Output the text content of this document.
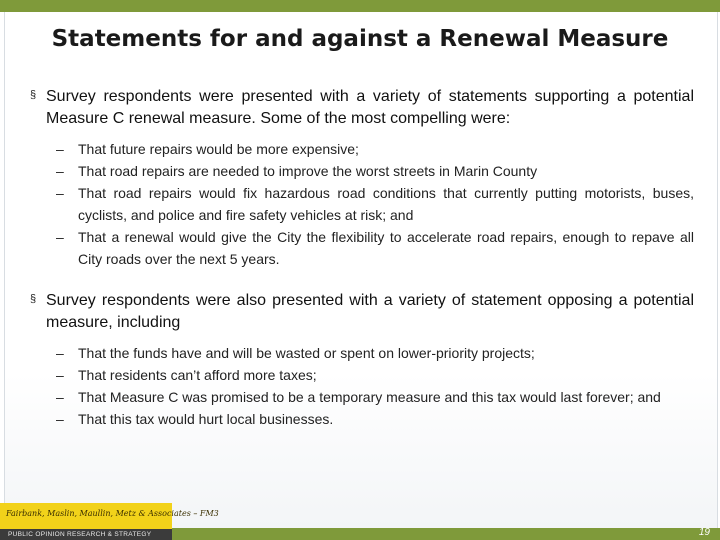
Statements for and against a Renewal Measure
§ Survey respondents were presented with a variety of statements supporting a potential Measure C renewal measure. Some of the most compelling were:
– That future repairs would be more expensive;
– That road repairs are needed to improve the worst streets in Marin County
– That road repairs would fix hazardous road conditions that currently putting motorists, buses, cyclists, and police and fire safety vehicles at risk; and
– That a renewal would give the City the flexibility to accelerate road repairs, enough to repave all City roads over the next 5 years.
§ Survey respondents were also presented with a variety of statement opposing a potential measure, including
– That the funds have and will be wasted or spent on lower-priority projects;
– That residents can’t afford more taxes;
– That Measure C was promised to be a temporary measure and this tax would last forever; and
– That this tax would hurt local businesses.
Fairbank, Maslin, Maullin, Metz & Associates – FM3
PUBLIC OPINION RESEARCH & STRATEGY	19
